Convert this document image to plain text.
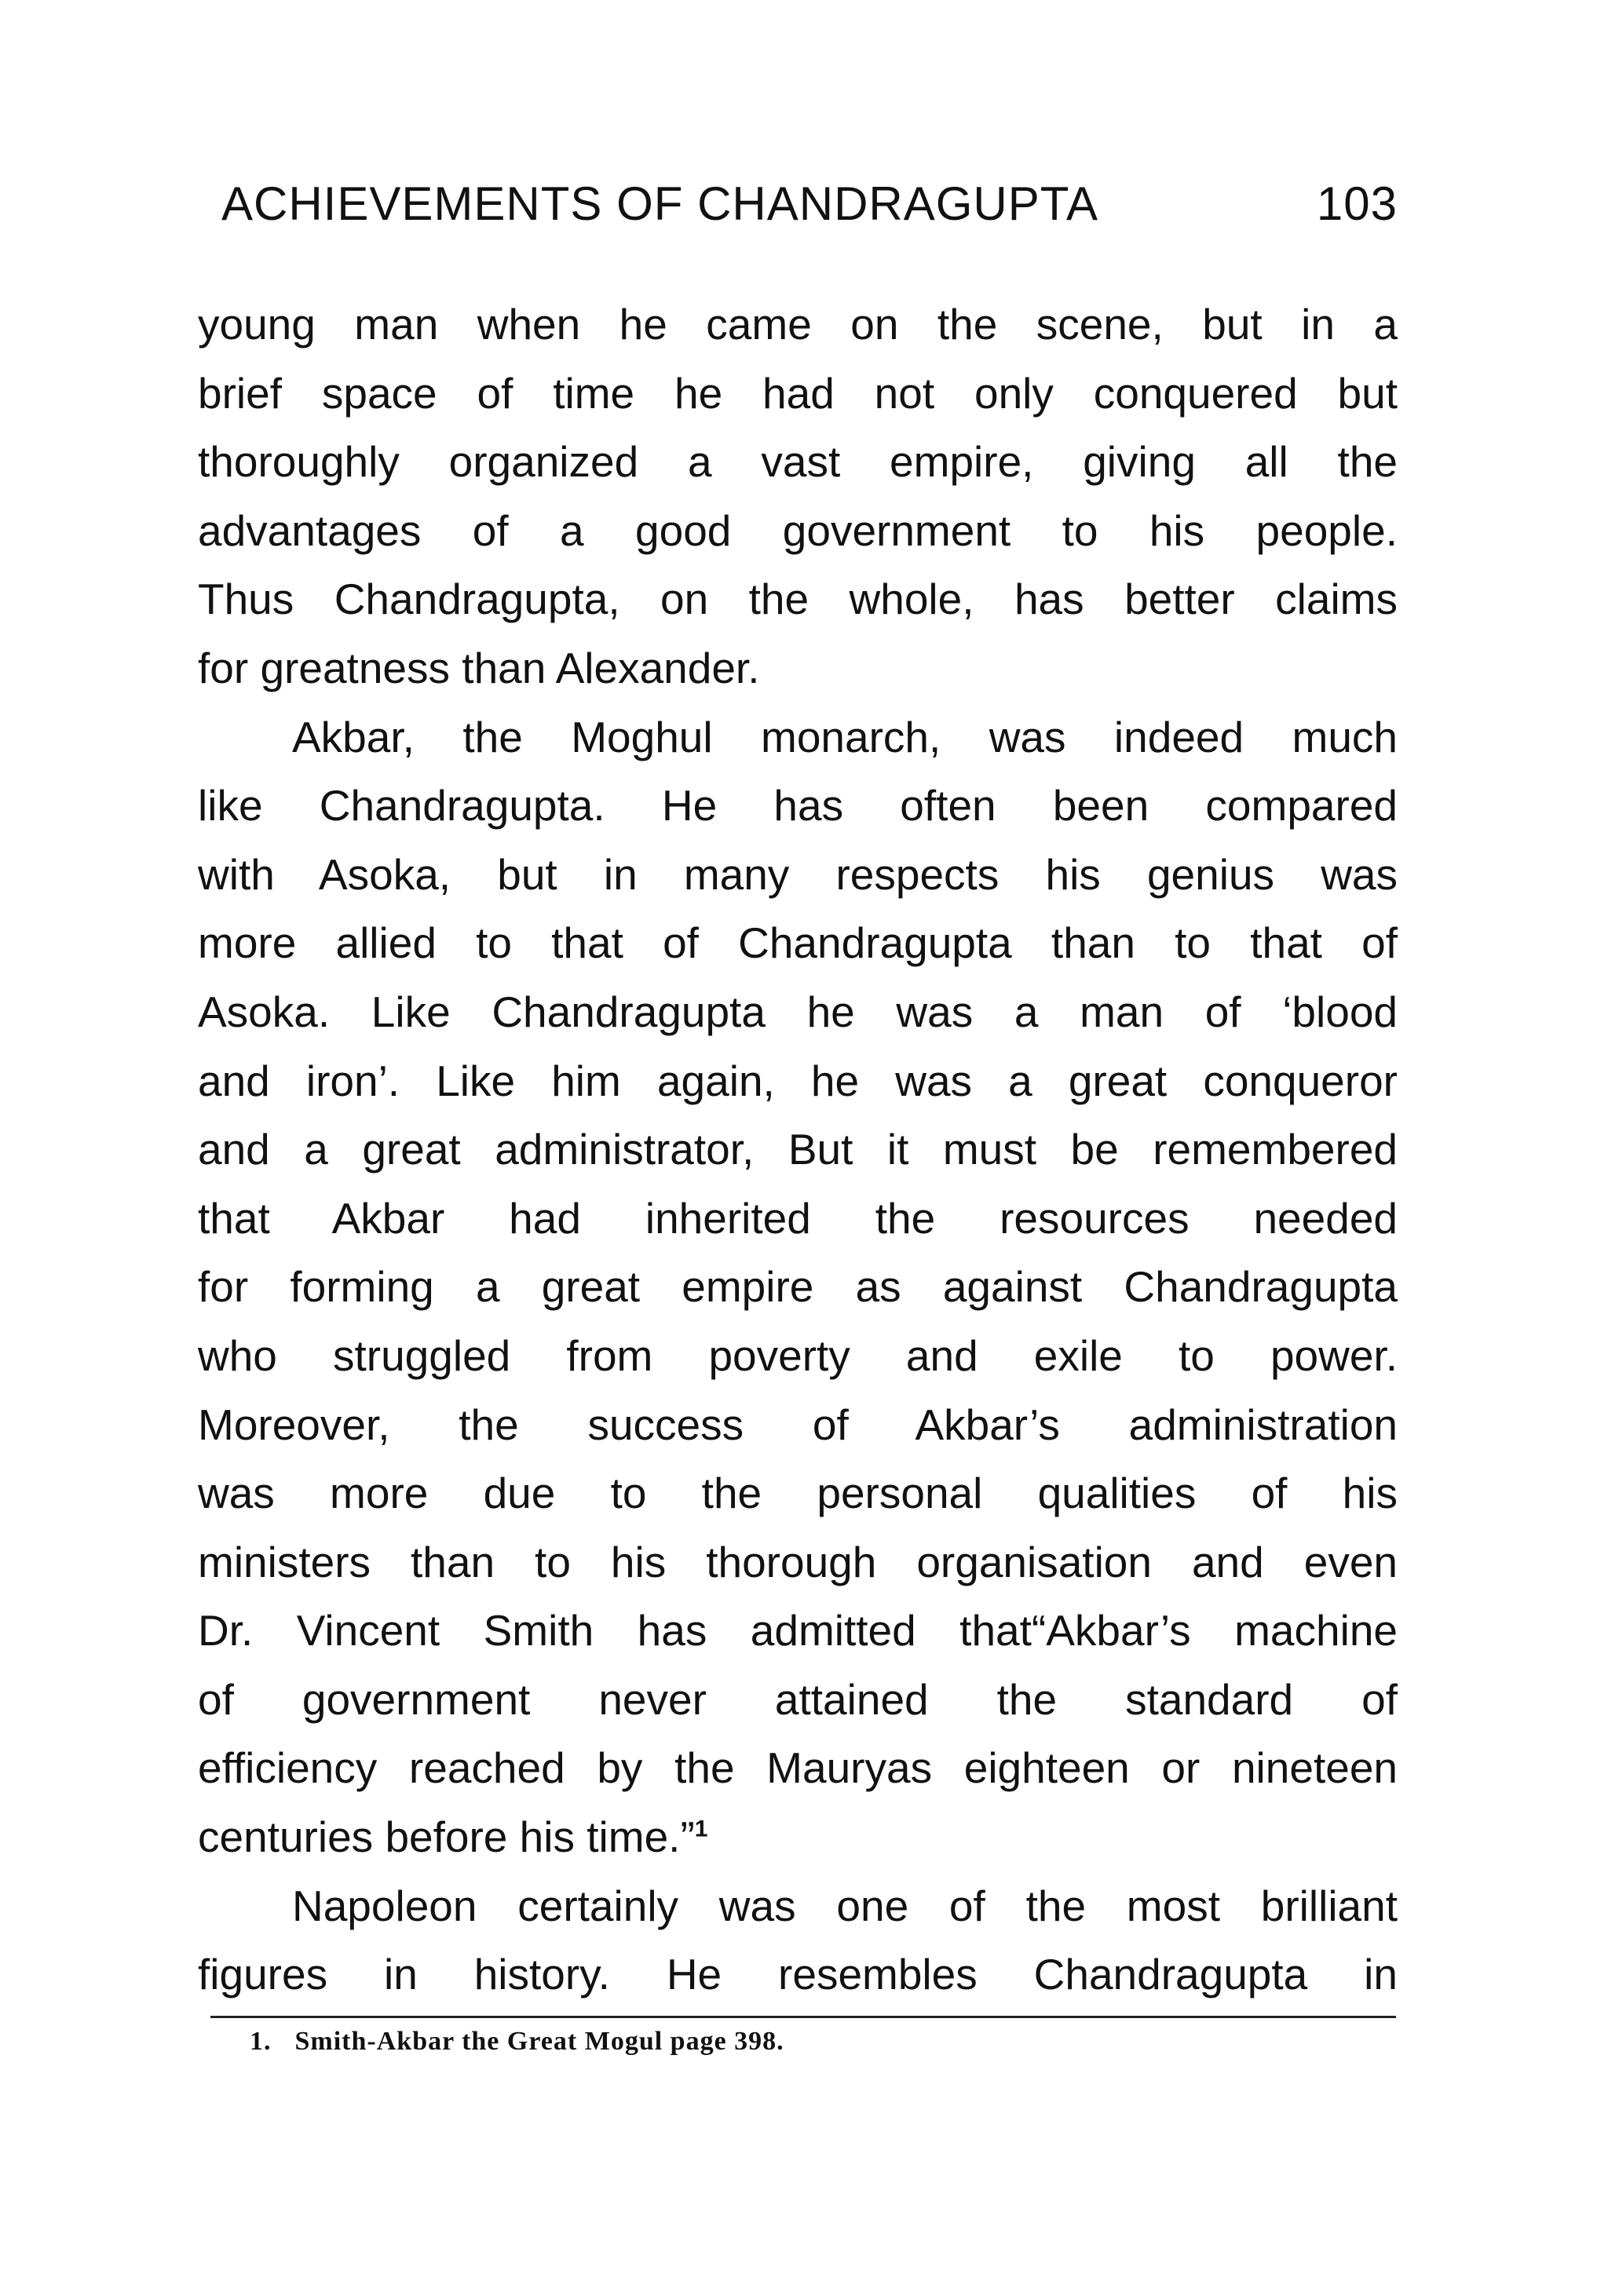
ACHIEVEMENTS OF CHANDRAGUPTA	103

young man when he came on the scene, but in a
brief space of time he had not only conquered but
thoroughly organized a vast empire, giving all the
advantages of a good government to his people.
Thus Chandragupta, on the whole, has better claims
for greatness than Alexander.

Akbar, the Moghul monarch, was indeed much
like Chandragupta. He has often been compared
with Asoka, but in many respects his genius was
more allied to that of Chandragupta than to that of
Asoka. Like Chandragupta he was a man of ‘blood
and iron’. Like him again, he was a great conqueror
and a great administrator, But it must be remembered
that Akbar had inherited the resources needed
for forming a great empire as against Chandragupta
who struggled from poverty and exile to power.
Moreover, the success of Akbar’s administration
was more due to the personal qualities of his
ministers than to his thorough organisation and even
Dr. Vincent Smith has admitted that“Akbar’s machine
of government never attained the standard of
efficiency reached by the Mauryas eighteen or nineteen
centuries before his time.”$^1$

Napoleon certainly was one of the most brilliant
figures in history. He resembles Chandragupta in

1. Smith-Akbar the Great Mogul page 398.
